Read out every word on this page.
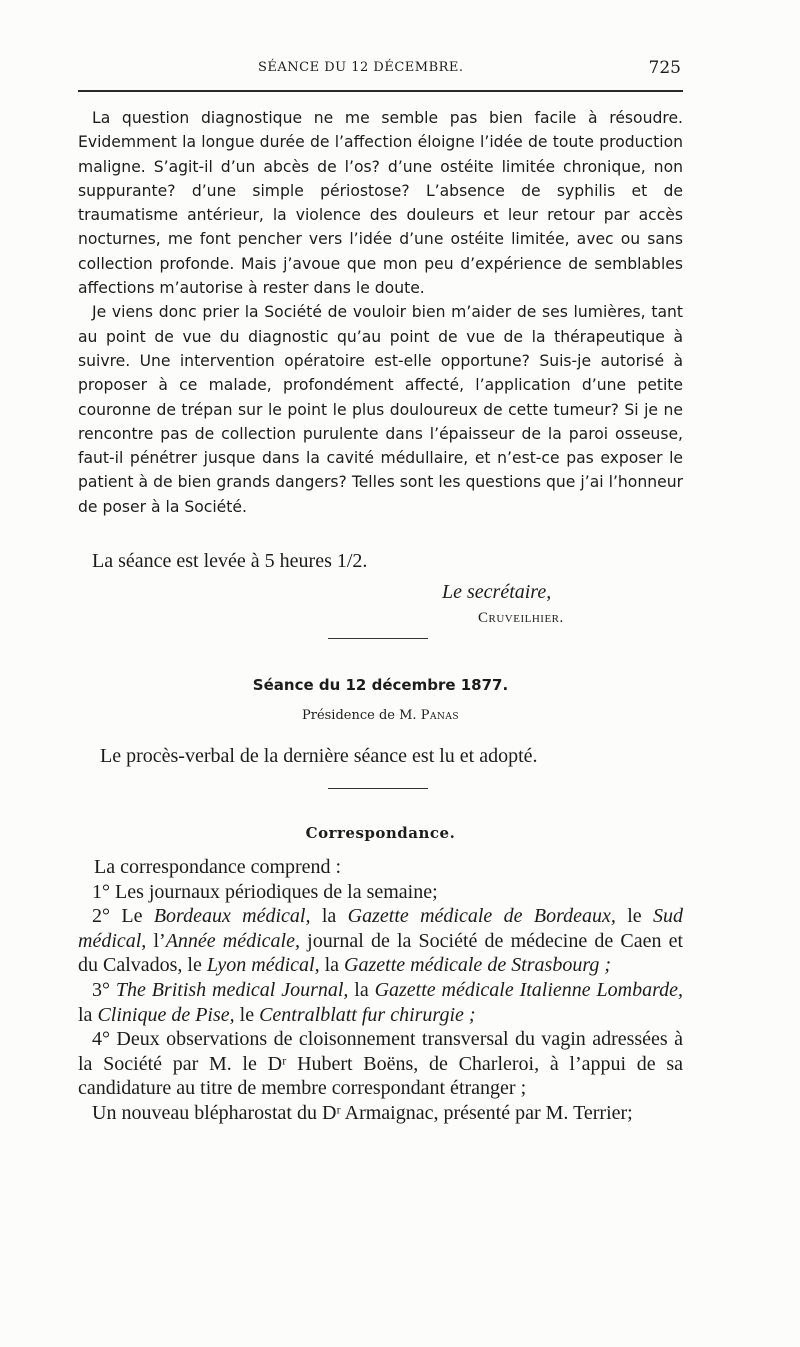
SÉANCE DU 12 DÉCEMBRE.	725

La question diagnostique ne me semble pas bien facile à résoudre. Evidemment la longue durée de l’affection éloigne l’idée de toute production maligne. S’agit-il d’un abcès de l’os? d’une ostéite limitée chronique, non suppurante? d’une simple périostose? L’absence de syphilis et de traumatisme antérieur, la violence des douleurs et leur retour par accès nocturnes, me font pencher vers l’idée d’une ostéite limitée, avec ou sans collection profonde. Mais j’avoue que mon peu d’expérience de semblables affections m’autorise à rester dans le doute.

Je viens donc prier la Société de vouloir bien m’aider de ses lumières, tant au point de vue du diagnostic qu’au point de vue de la thérapeutique à suivre. Une intervention opératoire est-elle opportune? Suis-je autorisé à proposer à ce malade, profondément affecté, l’application d’une petite couronne de trépan sur le point le plus douloureux de cette tumeur? Si je ne rencontre pas de collection purulente dans l’épaisseur de la paroi osseuse, faut-il pénétrer jusque dans la cavité médullaire, et n’est-ce pas exposer le patient à de bien grands dangers? Telles sont les questions que j’ai l’honneur de poser à la Société.

La séance est levée à 5 heures 1/2.

Le secrétaire,
Cruveilhier.
Séance du 12 décembre 1877.
Présidence de M. Panas
Le procès-verbal de la dernière séance est lu et adopté.
Correspondance.

La correspondance comprend :

1° Les journaux périodiques de la semaine;

2° Le Bordeaux médical, la Gazette médicale de Bordeaux, le Sud médical, l’Année médicale, journal de la Société de médecine de Caen et du Calvados, le Lyon médical, la Gazette médicale de Strasbourg ;

3° The British medical Journal, la Gazette médicale Italienne Lombarde, la Clinique de Pise, le Centralblatt fur chirurgie ;

4° Deux observations de cloisonnement transversal du vagin adressées à la Société par M. le Dʳ Hubert Boëns, de Charleroi, à l’appui de sa candidature au titre de membre correspondant étranger ;

Un nouveau blépharostat du Dʳ Armaignac, présenté par M. Terrier;
